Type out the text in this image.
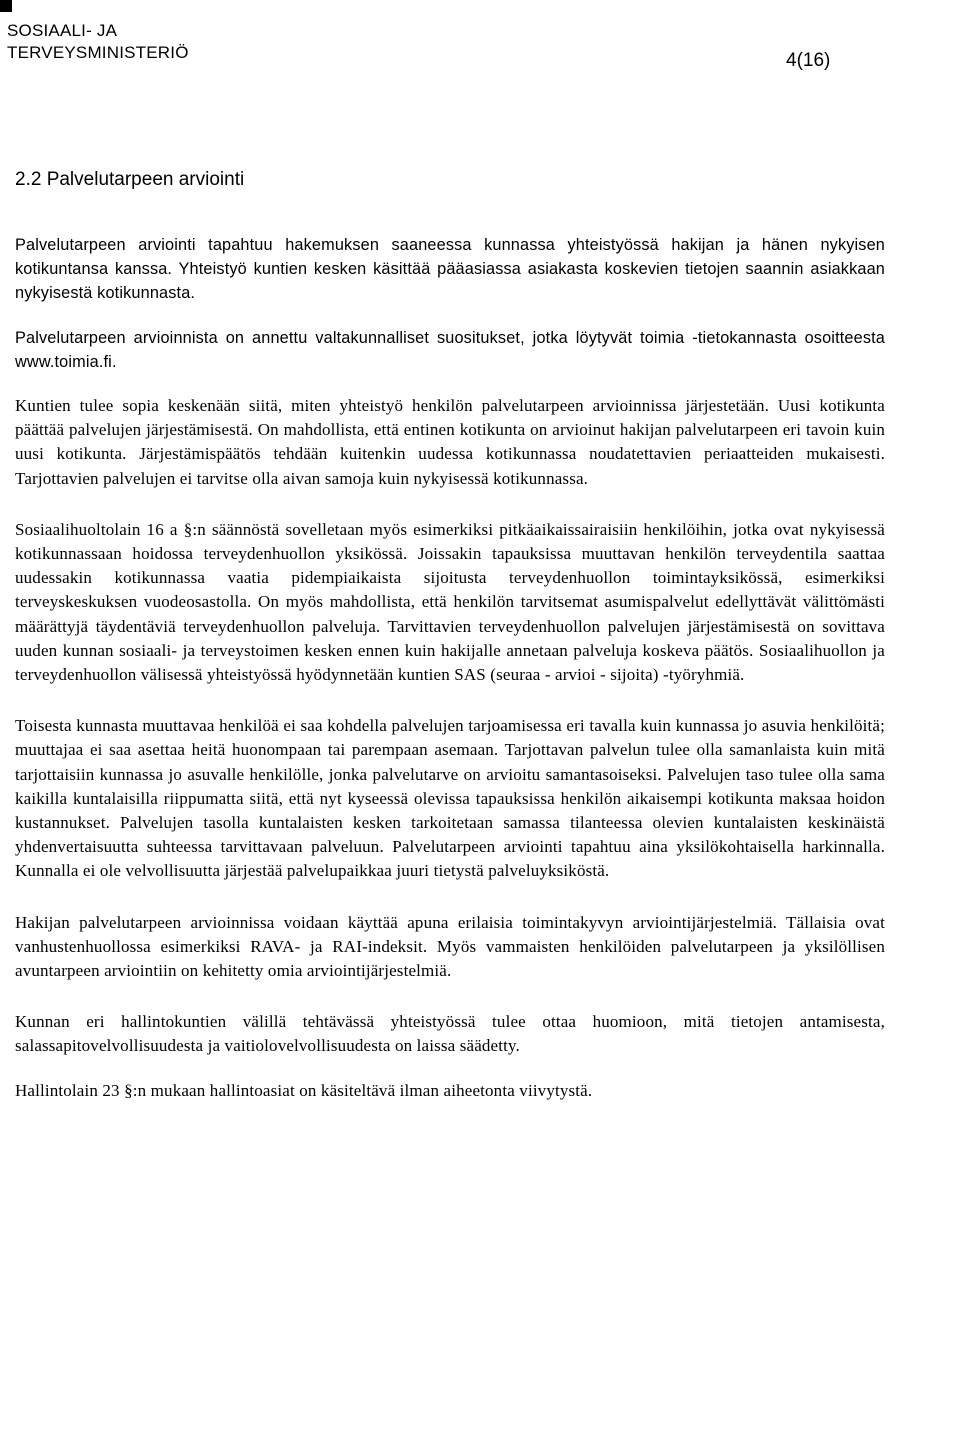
SOSIAALI- JA
TERVEYSMINISTERIÖ	4(16)
2.2 Palvelutarpeen arviointi

Palvelutarpeen arviointi tapahtuu hakemuksen saaneessa kunnassa yhteistyössä hakijan ja hänen nykyisen kotikuntansa kanssa. Yhteistyö kuntien kesken käsittää pääasiassa asiakasta koskevien tietojen saannin asiakkaan nykyisestä kotikunnasta.

Palvelutarpeen arvioinnista on annettu valtakunnalliset suositukset, jotka löytyvät toimia -tietokannasta osoitteesta www.toimia.fi.

Kuntien tulee sopia keskenään siitä, miten yhteistyö henkilön palvelutarpeen arvioinnissa järjestetään. Uusi kotikunta päättää palvelujen järjestämisestä. On mahdollista, että entinen kotikunta on arvioinut hakijan palvelutarpeen eri tavoin kuin uusi kotikunta. Järjestämispäätös tehdään kuitenkin uudessa kotikunnassa noudatettavien periaatteiden mukaisesti. Tarjottavien palvelujen ei tarvitse olla aivan samoja kuin nykyisessä kotikunnassa.

Sosiaalihuoltolain 16 a §:n säännöstä sovelletaan myös esimerkiksi pitkäaikaissairaisiin henkilöihin, jotka ovat nykyisessä kotikunnassaan hoidossa terveydenhuollon yksikössä. Joissakin tapauksissa muuttavan henkilön terveydentila saattaa uudessakin kotikunnassa vaatia pidempiaikaista sijoitusta terveydenhuollon toimintayksikössä, esimerkiksi terveyskeskuksen vuodeosastolla. On myös mahdollista, että henkilön tarvitsemat asumispalvelut edellyttävät välittömästi määrättyjä täydentäviä terveydenhuollon palveluja. Tarvittavien terveydenhuollon palvelujen järjestämisestä on sovittava uuden kunnan sosiaali- ja terveystoimen kesken ennen kuin hakijalle annetaan palveluja koskeva päätös. Sosiaalihuollon ja terveydenhuollon välisessä yhteistyössä hyödynnetään kuntien SAS (seuraa - arvioi - sijoita) -työryhmiä.

Toisesta kunnasta muuttavaa henkilöä ei saa kohdella palvelujen tarjoamisessa eri tavalla kuin kunnassa jo asuvia henkilöitä; muuttajaa ei saa asettaa heitä huonompaan tai parempaan asemaan. Tarjottavan palvelun tulee olla samanlaista kuin mitä tarjottaisiin kunnassa jo asuvalle henkilölle, jonka palvelutarve on arvioitu samantasoiseksi. Palvelujen taso tulee olla sama kaikilla kuntalaisilla riippumatta siitä, että nyt kyseessä olevissa tapauksissa henkilön aikaisempi kotikunta maksaa hoidon kustannukset. Palvelujen tasolla kuntalaisten kesken tarkoitetaan samassa tilanteessa olevien kuntalaisten keskinäistä yhdenvertaisuutta suhteessa tarvittavaan palveluun. Palvelutarpeen arviointi tapahtuu aina yksilökohtaisella harkinnalla. Kunnalla ei ole velvollisuutta järjestää palvelupaikkaa juuri tietystä palveluyksiköstä.

Hakijan palvelutarpeen arvioinnissa voidaan käyttää apuna erilaisia toimintakyvyn arviointijärjestelmiä. Tällaisia ovat vanhustenhuollossa esimerkiksi RAVA- ja RAI-indeksit. Myös vammaisten henkilöiden palvelutarpeen ja yksilöllisen avuntarpeen arviointiin on kehitetty omia arviointijärjestelmiä.

Kunnan eri hallintokuntien välillä tehtävässä yhteistyössä tulee ottaa huomioon, mitä tietojen antamisesta, salassapitovelvollisuudesta ja vaitiolovelvollisuudesta on laissa säädetty.

Hallintolain 23 §:n mukaan hallintoasiat on käsiteltävä ilman aiheetonta viivytystä.
